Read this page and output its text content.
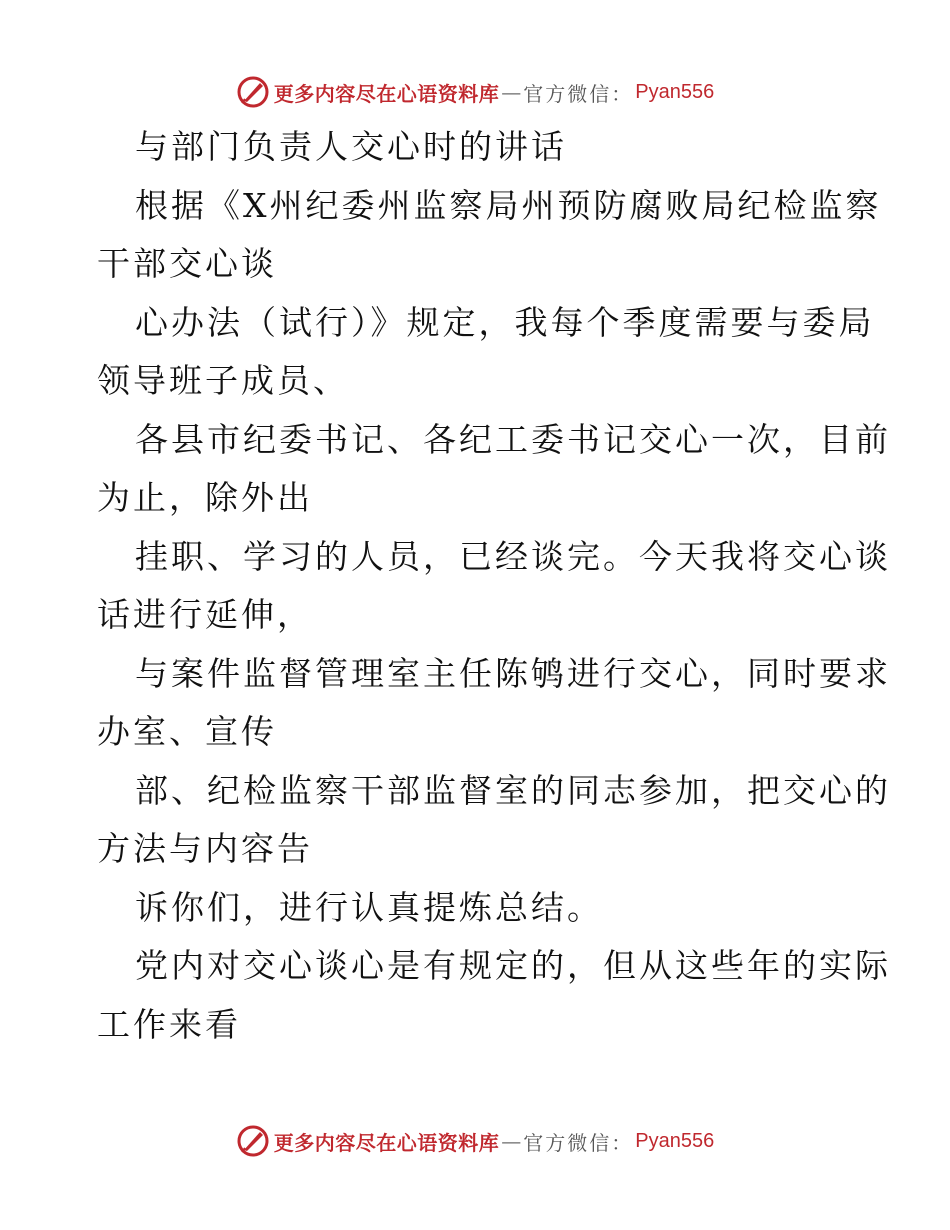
更多内容尽在心语资料库 — 官方微信： Pyan556
与部门负责人交心时的讲话
根据《X州纪委州监察局州预防腐败局纪检监察
干部交心谈
心办法（试行）》规定，我每个季度需要与委局
领导班子成员、
各县市纪委书记、各纪工委书记交心一次，目前
为止，除外出
挂职、学习的人员，已经谈完。今天我将交心谈
话进行延伸，
与案件监督管理室主任陈鸲进行交心，同时要求
办室、宣传
部、纪检监察干部监督室的同志参加，把交心的
方法与内容告
诉你们，进行认真提炼总结。
党内对交心谈心是有规定的，但从这些年的实际
工作来看
更多内容尽在心语资料库 — 官方微信： Pyan556
